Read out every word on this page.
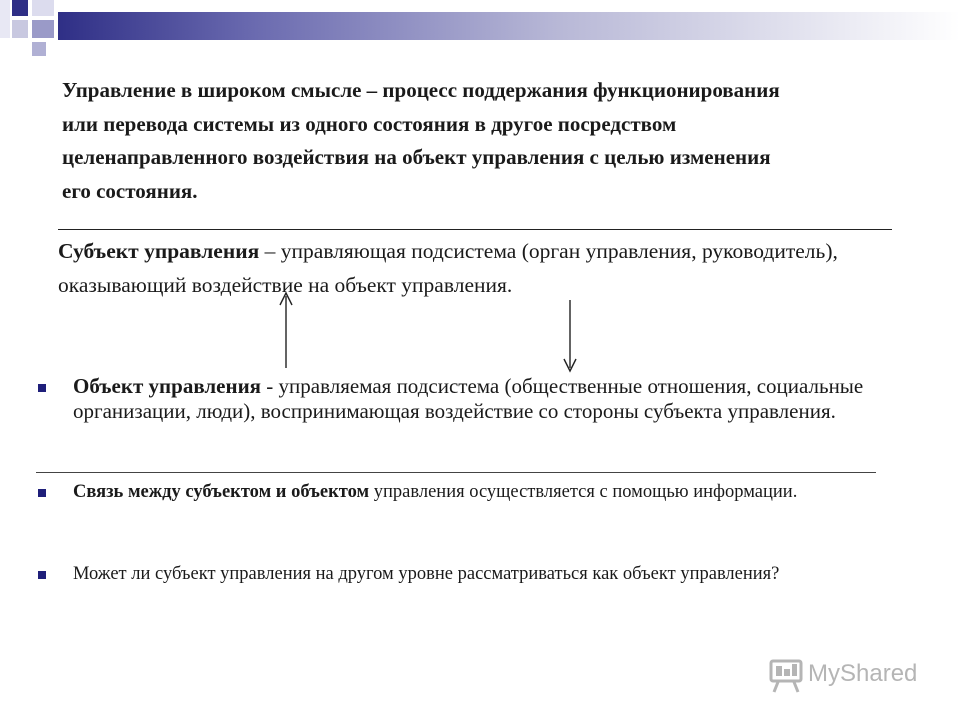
Управление в широком смысле – процесс поддержания функционирования или перевода системы из одного состояния в другое посредством целенаправленного воздействия на объект управления с целью изменения его состояния.
Субъект управления – управляющая подсистема (орган управления, руководитель), оказывающий воздействие на объект управления.
Объект управления - управляемая подсистема (общественные отношения, социальные организации, люди), воспринимающая воздействие со стороны субъекта управления.
Связь между субъектом и объектом управления осуществляется с помощью информации.
Может ли субъект управления на другом уровне рассматриваться как объект управления?
MyShared
